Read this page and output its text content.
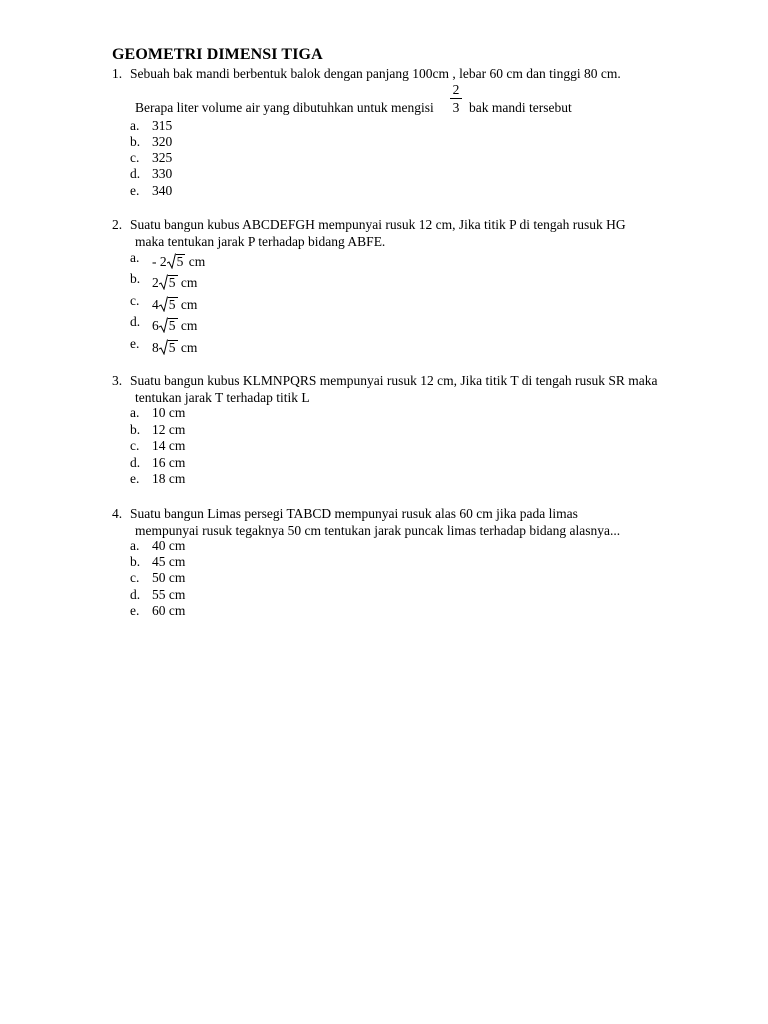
GEOMETRI DIMENSI TIGA
1. Sebuah bak mandi berbentuk balok dengan panjang 100cm , lebar 60 cm dan tinggi 80 cm.
Berapa liter volume air yang dibutuhkan untuk mengisi
2
3 bak mandi tersebut
a. 315
b. 320
c. 325
d. 330
e. 340
2. Suatu bangun kubus ABCDEFGH mempunyai rusuk 12 cm, Jika titik P di tengah rusuk HG
maka tentukan jarak P terhadap bidang ABFE.
a. - 2 5 cm
b. 2 5 cm
c. 4 5 cm
d. 6 5 cm
e. 8 5 cm
3. Suatu bangun kubus KLMNPQRS mempunyai rusuk 12 cm, Jika titik T di tengah rusuk SR maka
tentukan jarak T terhadap titik L
a. 10 cm
b. 12 cm
c. 14 cm
d. 16 cm
e. 18 cm
4. Suatu bangun Limas persegi TABCD mempunyai rusuk alas 60 cm jika pada limas
mempunyai rusuk tegaknya 50 cm tentukan jarak puncak limas terhadap bidang alasnya...
a. 40 cm
b. 45 cm
c. 50 cm
d. 55 cm
e. 60 cm
